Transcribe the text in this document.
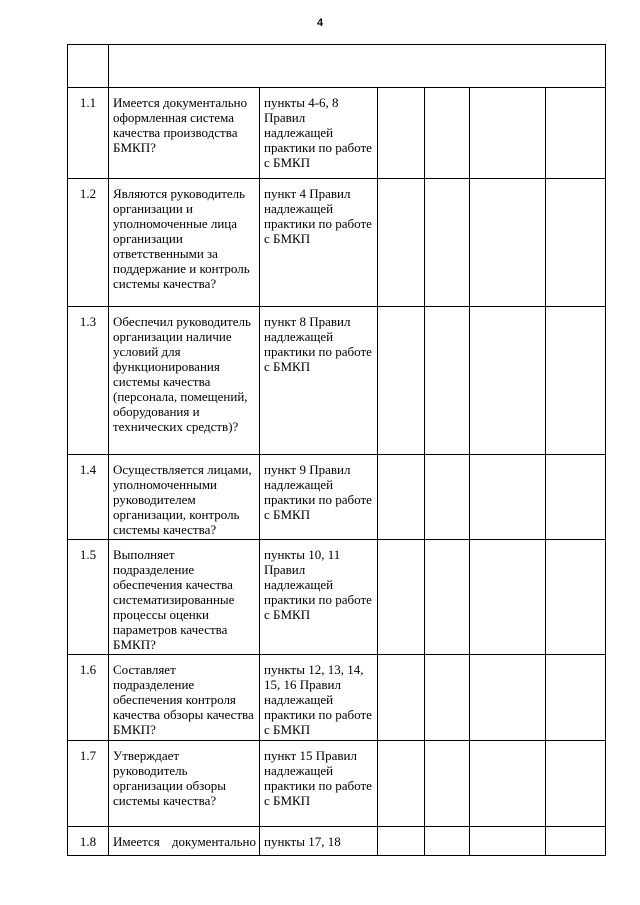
4

1.1	Имеется документально оформленная система качества производства БМКП?	пункты 4-6, 8 Правил надлежащей практики по работе с БМКП				
1.2	Являются руководитель организации и уполномоченные лица организации ответственными за поддержание и контроль системы качества?	пункт 4 Правил надлежащей практики по работе с БМКП				
1.3	Обеспечил руководитель организации наличие условий для функционирования системы качества (персонала, помещений, оборудования и технических средств)?	пункт 8 Правил надлежащей практики по работе с БМКП				
1.4	Осуществляется лицами, уполномоченными руководителем организации, контроль системы качества?	пункт 9 Правил надлежащей практики по работе с БМКП				
1.5	Выполняет подразделение обеспечения качества систематизированные процессы оценки параметров качества БМКП?	пункты 10, 11 Правил надлежащей практики по работе с БМКП				
1.6	Составляет подразделение обеспечения контроля качества обзоры качества БМКП?	пункты 12, 13, 14, 15, 16 Правил надлежащей практики по работе с БМКП				
1.7	Утверждает руководитель организации обзоры системы качества?	пункт 15 Правил надлежащей практики по работе с БМКП				
1.8	Имеется документально	пункты 17, 18				
